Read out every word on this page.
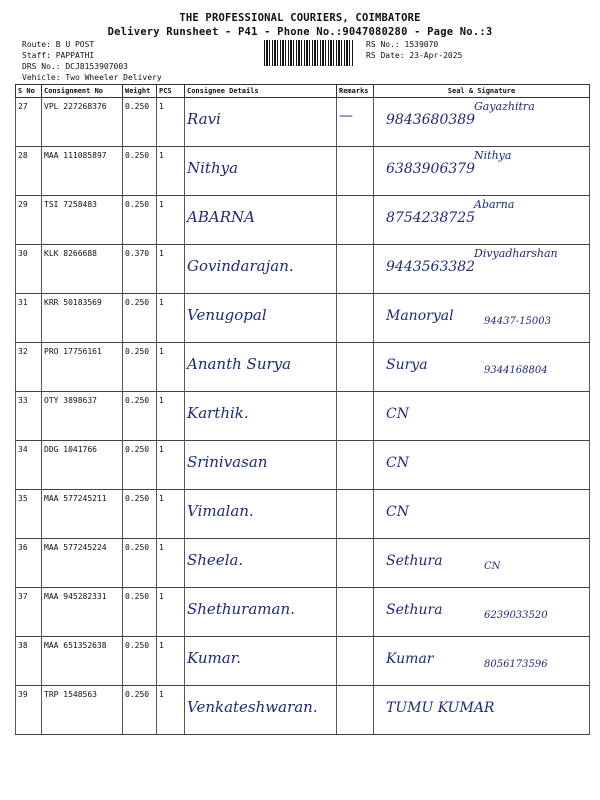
THE PROFESSIONAL COURIERS, COIMBATORE
Delivery Runsheet - P41 - Phone No.:9047080280 - Page No.:3
Route: B U POST
Staff: PAPPATHI
DRS No.: DCJ8153907003
Vehicle: Two Wheeler Delivery
RS No.: 1539070
RS Date: 23-Apr-2025
S No	Consignment No	Weight	PCS	Consignee Details	Remarks	Seal & Signature
27	VPL 227268376	0.250	1	Ravi	—	9843680389
Gayazhitra

28	MAA 111085897	0.250	1	Nithya		6383906379
Nithya

29	TSI 7258483	0.250	1	ABARNA		8754238725
Abarna

30	KLK 8266688	0.370	1	Govindarajan.		9443563382
Divyadharshan

31	KRR 50183569	0.250	1	Venugopal		Manoryal 94437-15003

32	PRO 17756161	0.250	1	Ananth Surya		Surya 9344168804

33	OTY 3898637	0.250	1	Karthik.		CN

34	DDG 1041766	0.250	1	Srinivasan		CN

35	MAA 577245211	0.250	1	Vimalan.		CN

36	MAA 577245224	0.250	1	Sheela.		Sethura CN

37	MAA 945282331	0.250	1	Shethuraman.		Sethura 6239033520

38	MAA 651352638	0.250	1	Kumar.		Kumar 8056173596

39	TRP 1548563	0.250	1	Venkateshwaran.		TUMU KUMAR
